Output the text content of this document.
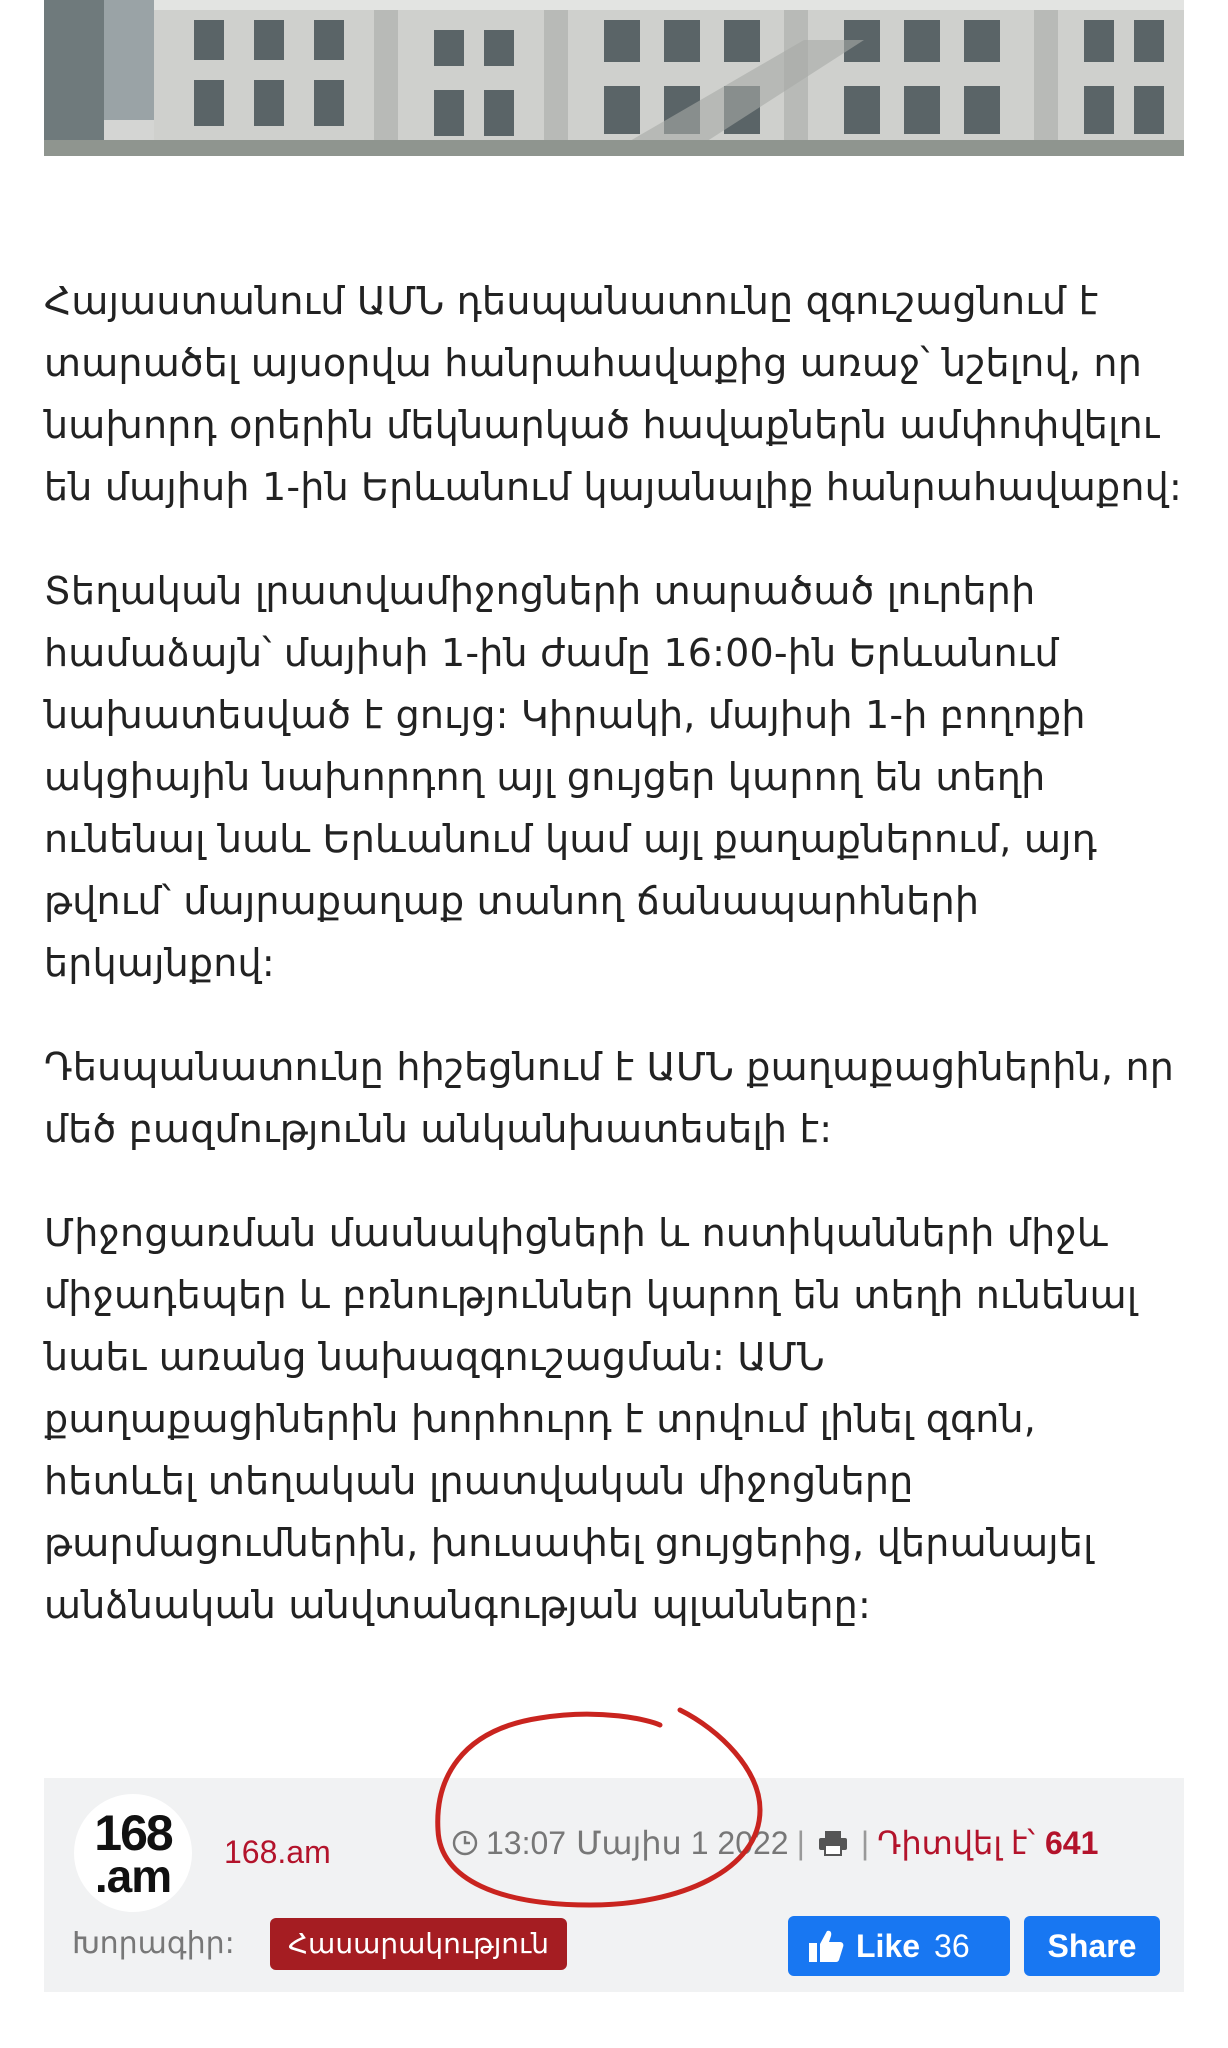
Հայաստանում ԱՄՆ դեսպանատունը զգուշացնում է տարածել այսօրվա հանրահավաքից առաջ՝ նշելով, որ նախորդ օրերին մեկնարկած հավաքներն ամփոփվելու են մայիսի 1-ին Երևանում կայանալիք հանրահավաքով:

Տեղական լրատվամիջոցների տարածած լուրերի համաձայն՝ մայիսի 1-ին ժամը 16:00-ին Երևանում նախատեսված է ցույց: Կիրակի, մայիսի 1-ի բողոքի ակցիային նախորդող այլ ցույցեր կարող են տեղի ունենալ նաև Երևանում կամ այլ քաղաքներում, այդ թվում՝ մայրաքաղաք տանող ճանապարհների երկայնքով:

Դեսպանատունը հիշեցնում է ԱՄՆ քաղաքացիներին, որ մեծ բազմությունն անկանխատեսելի է:

Միջոցառման մասնակիցների և ոստիկանների միջև միջադեպեր և բռնություններ կարող են տեղի ունենալ նաեւ առանց նախազգուշացման: ԱՄՆ քաղաքացիներին խորհուրդ է տրվում լինել զգոն, հետևել տեղական լրատվական միջոցները թարմացումներին, խուսափել ցույցերից, վերանայել անձնական անվտանգության պլանները:

168
.am 168.am	13:07 Մայիս 1 2022 | | Դիտվել է՝ 641
Խորագիր:	Հասարակություն	Like 36	Share
